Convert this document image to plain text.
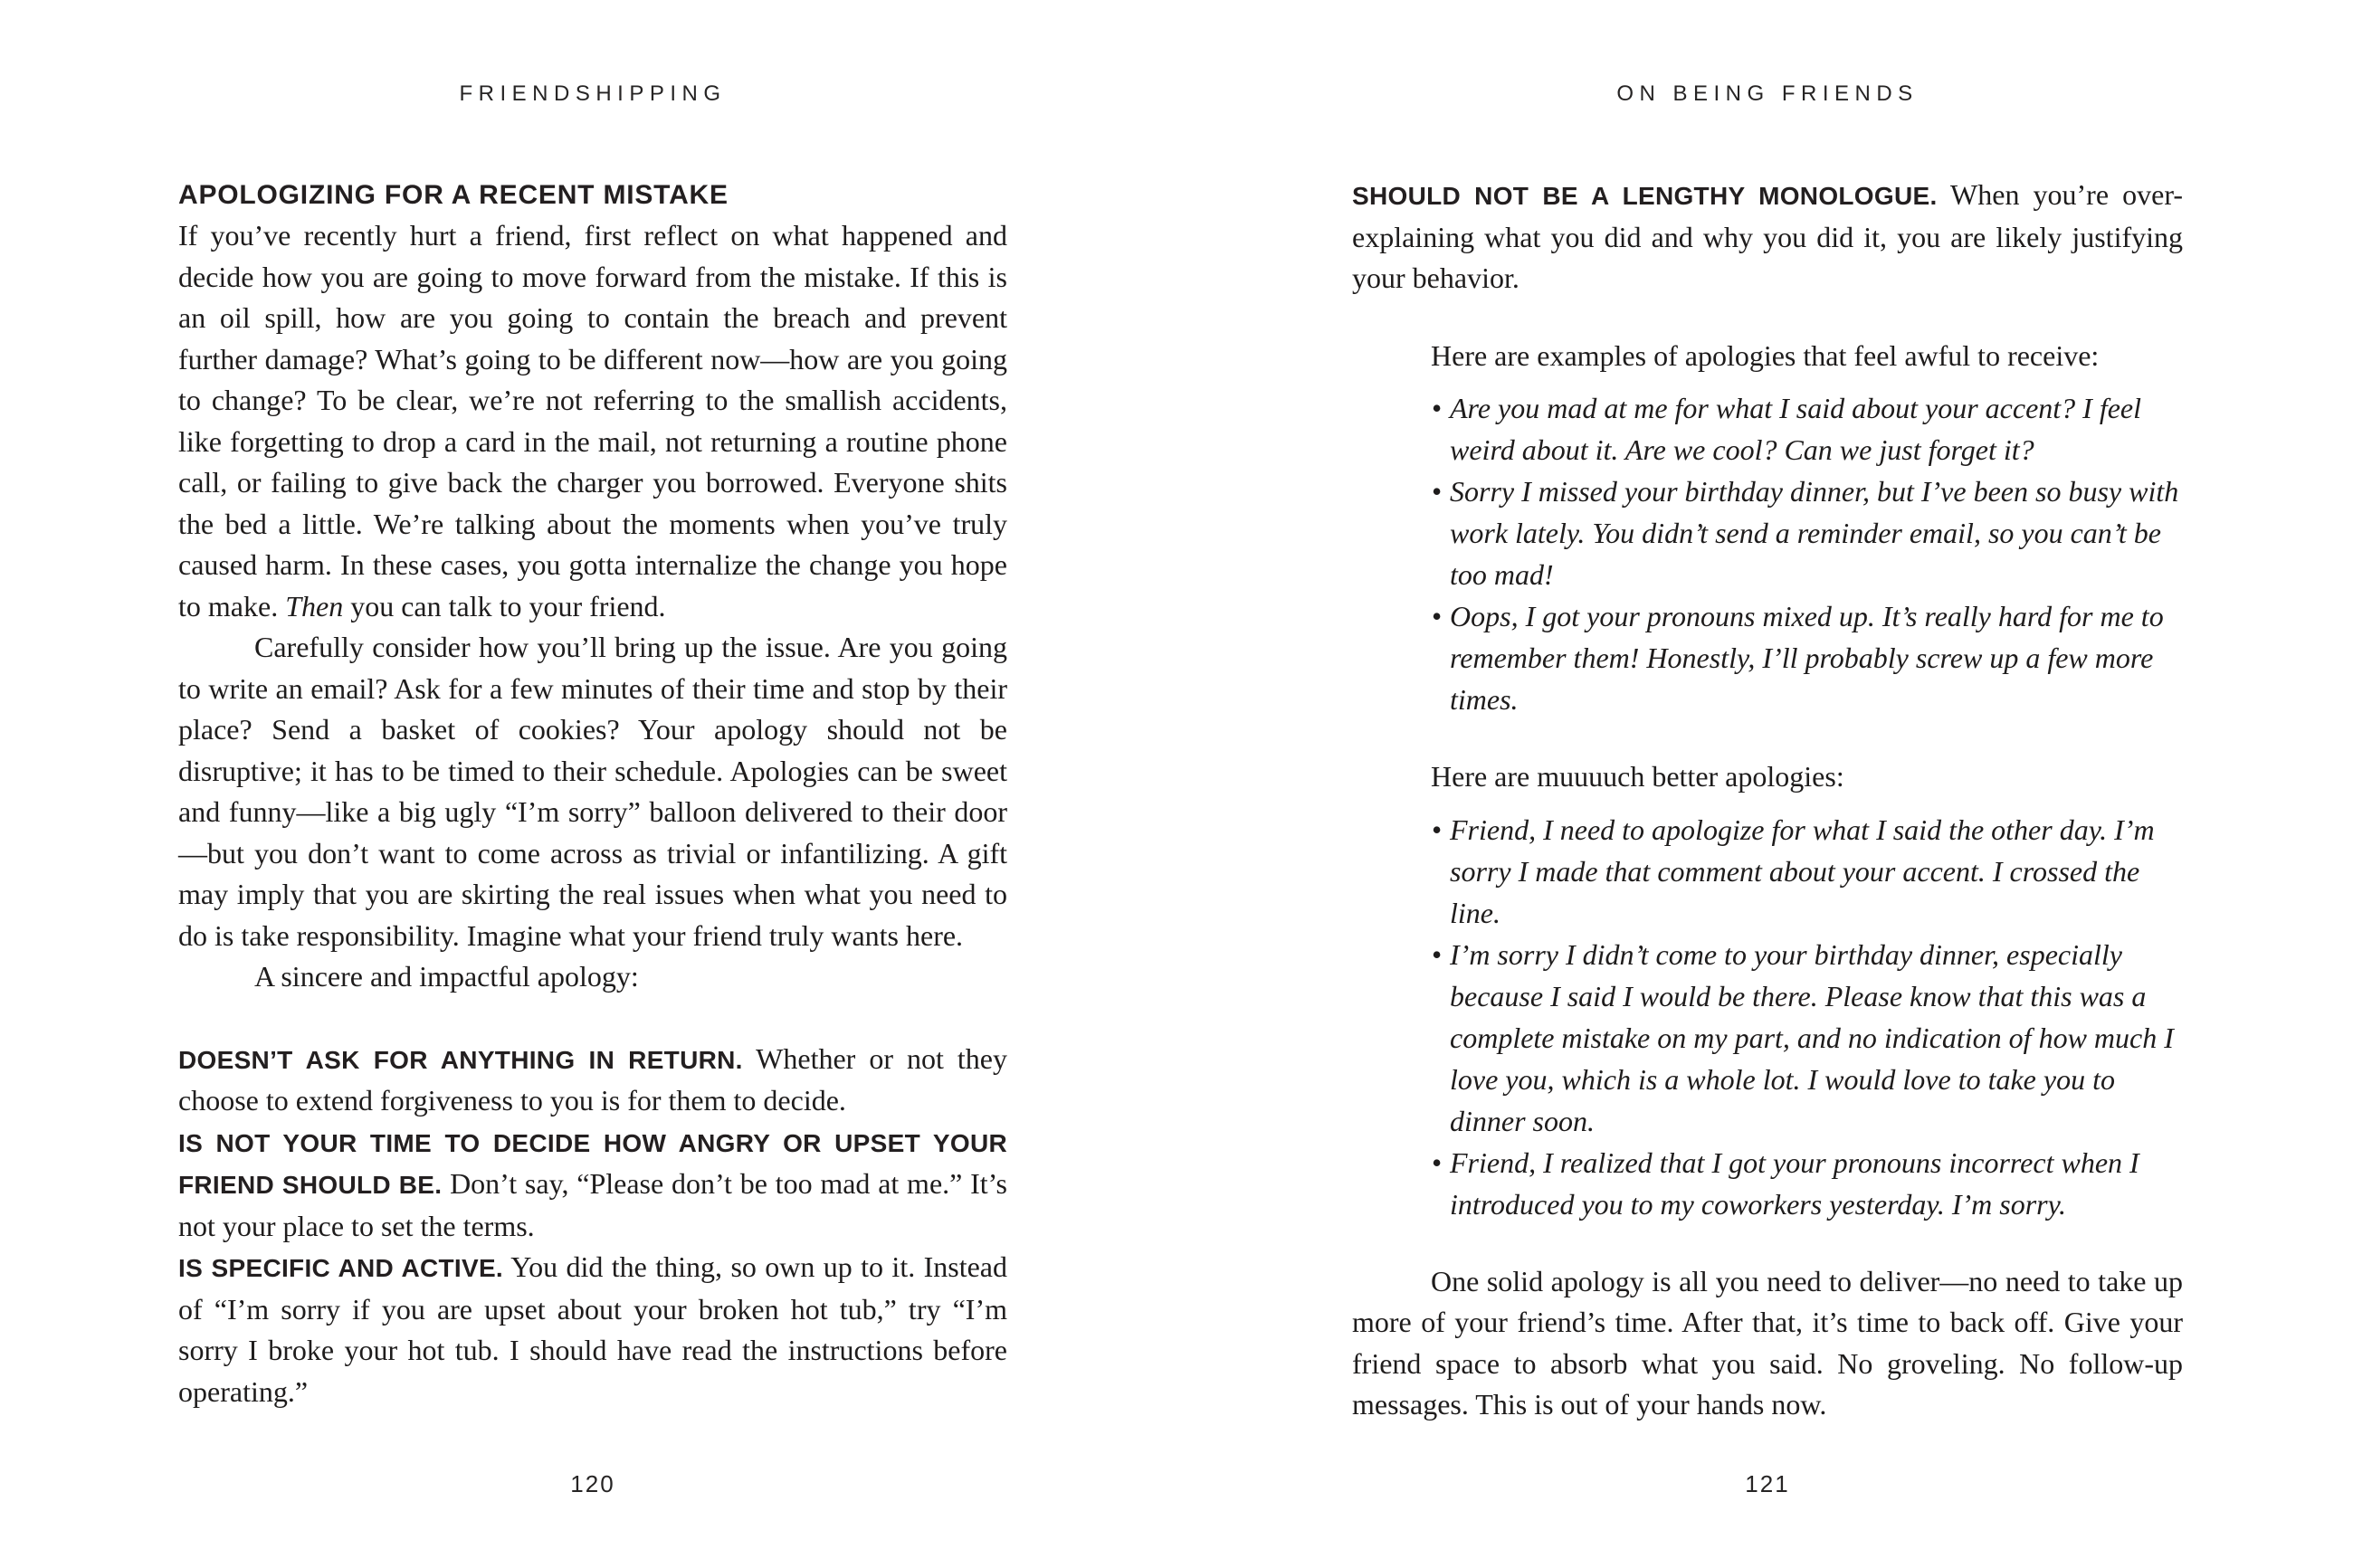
FRIENDSHIPPING
APOLOGIZING FOR A RECENT MISTAKE

If you’ve recently hurt a friend, first reflect on what happened and decide how you are going to move forward from the mistake. If this is an oil spill, how are you going to contain the breach and prevent further damage? What’s going to be different now—how are you going to change? To be clear, we’re not referring to the smallish accidents, like forgetting to drop a card in the mail, not returning a routine phone call, or failing to give back the charger you borrowed. Everyone shits the bed a little. We’re talking about the moments when you’ve truly caused harm. In these cases, you gotta internalize the change you hope to make. Then you can talk to your friend.

Carefully consider how you’ll bring up the issue. Are you going to write an email? Ask for a few minutes of their time and stop by their place? Send a basket of cookies? Your apology should not be disruptive; it has to be timed to their schedule. Apologies can be sweet and funny—like a big ugly “I’m sorry” balloon delivered to their door—but you don’t want to come across as trivial or infantilizing. A gift may imply that you are skirting the real issues when what you need to do is take responsibility. Imagine what your friend truly wants here.

A sincere and impactful apology:

DOESN’T ASK FOR ANYTHING IN RETURN. Whether or not they choose to extend forgiveness to you is for them to decide.

IS NOT YOUR TIME TO DECIDE HOW ANGRY OR UPSET YOUR FRIEND SHOULD BE. Don’t say, “Please don’t be too mad at me.” It’s not your place to set the terms.

IS SPECIFIC AND ACTIVE. You did the thing, so own up to it. Instead of “I’m sorry if you are upset about your broken hot tub,” try “I’m sorry I broke your hot tub. I should have read the instructions before operating.”

120
ON BEING FRIENDS

SHOULD NOT BE A LENGTHY MONOLOGUE. When you’re over-explaining what you did and why you did it, you are likely justifying your behavior.

Here are examples of apologies that feel awful to receive:

• Are you mad at me for what I said about your accent? I feel weird about it. Are we cool? Can we just forget it?
• Sorry I missed your birthday dinner, but I’ve been so busy with work lately. You didn’t send a reminder email, so you can’t be too mad!
• Oops, I got your pronouns mixed up. It’s really hard for me to remember them! Honestly, I’ll probably screw up a few more times.

Here are muuuuch better apologies:

• Friend, I need to apologize for what I said the other day. I’m sorry I made that comment about your accent. I crossed the line.
• I’m sorry I didn’t come to your birthday dinner, especially because I said I would be there. Please know that this was a complete mistake on my part, and no indication of how much I love you, which is a whole lot. I would love to take you to dinner soon.
• Friend, I realized that I got your pronouns incorrect when I introduced you to my coworkers yesterday. I’m sorry.

One solid apology is all you need to deliver—no need to take up more of your friend’s time. After that, it’s time to back off. Give your friend space to absorb what you said. No groveling. No follow-up messages. This is out of your hands now.

121
